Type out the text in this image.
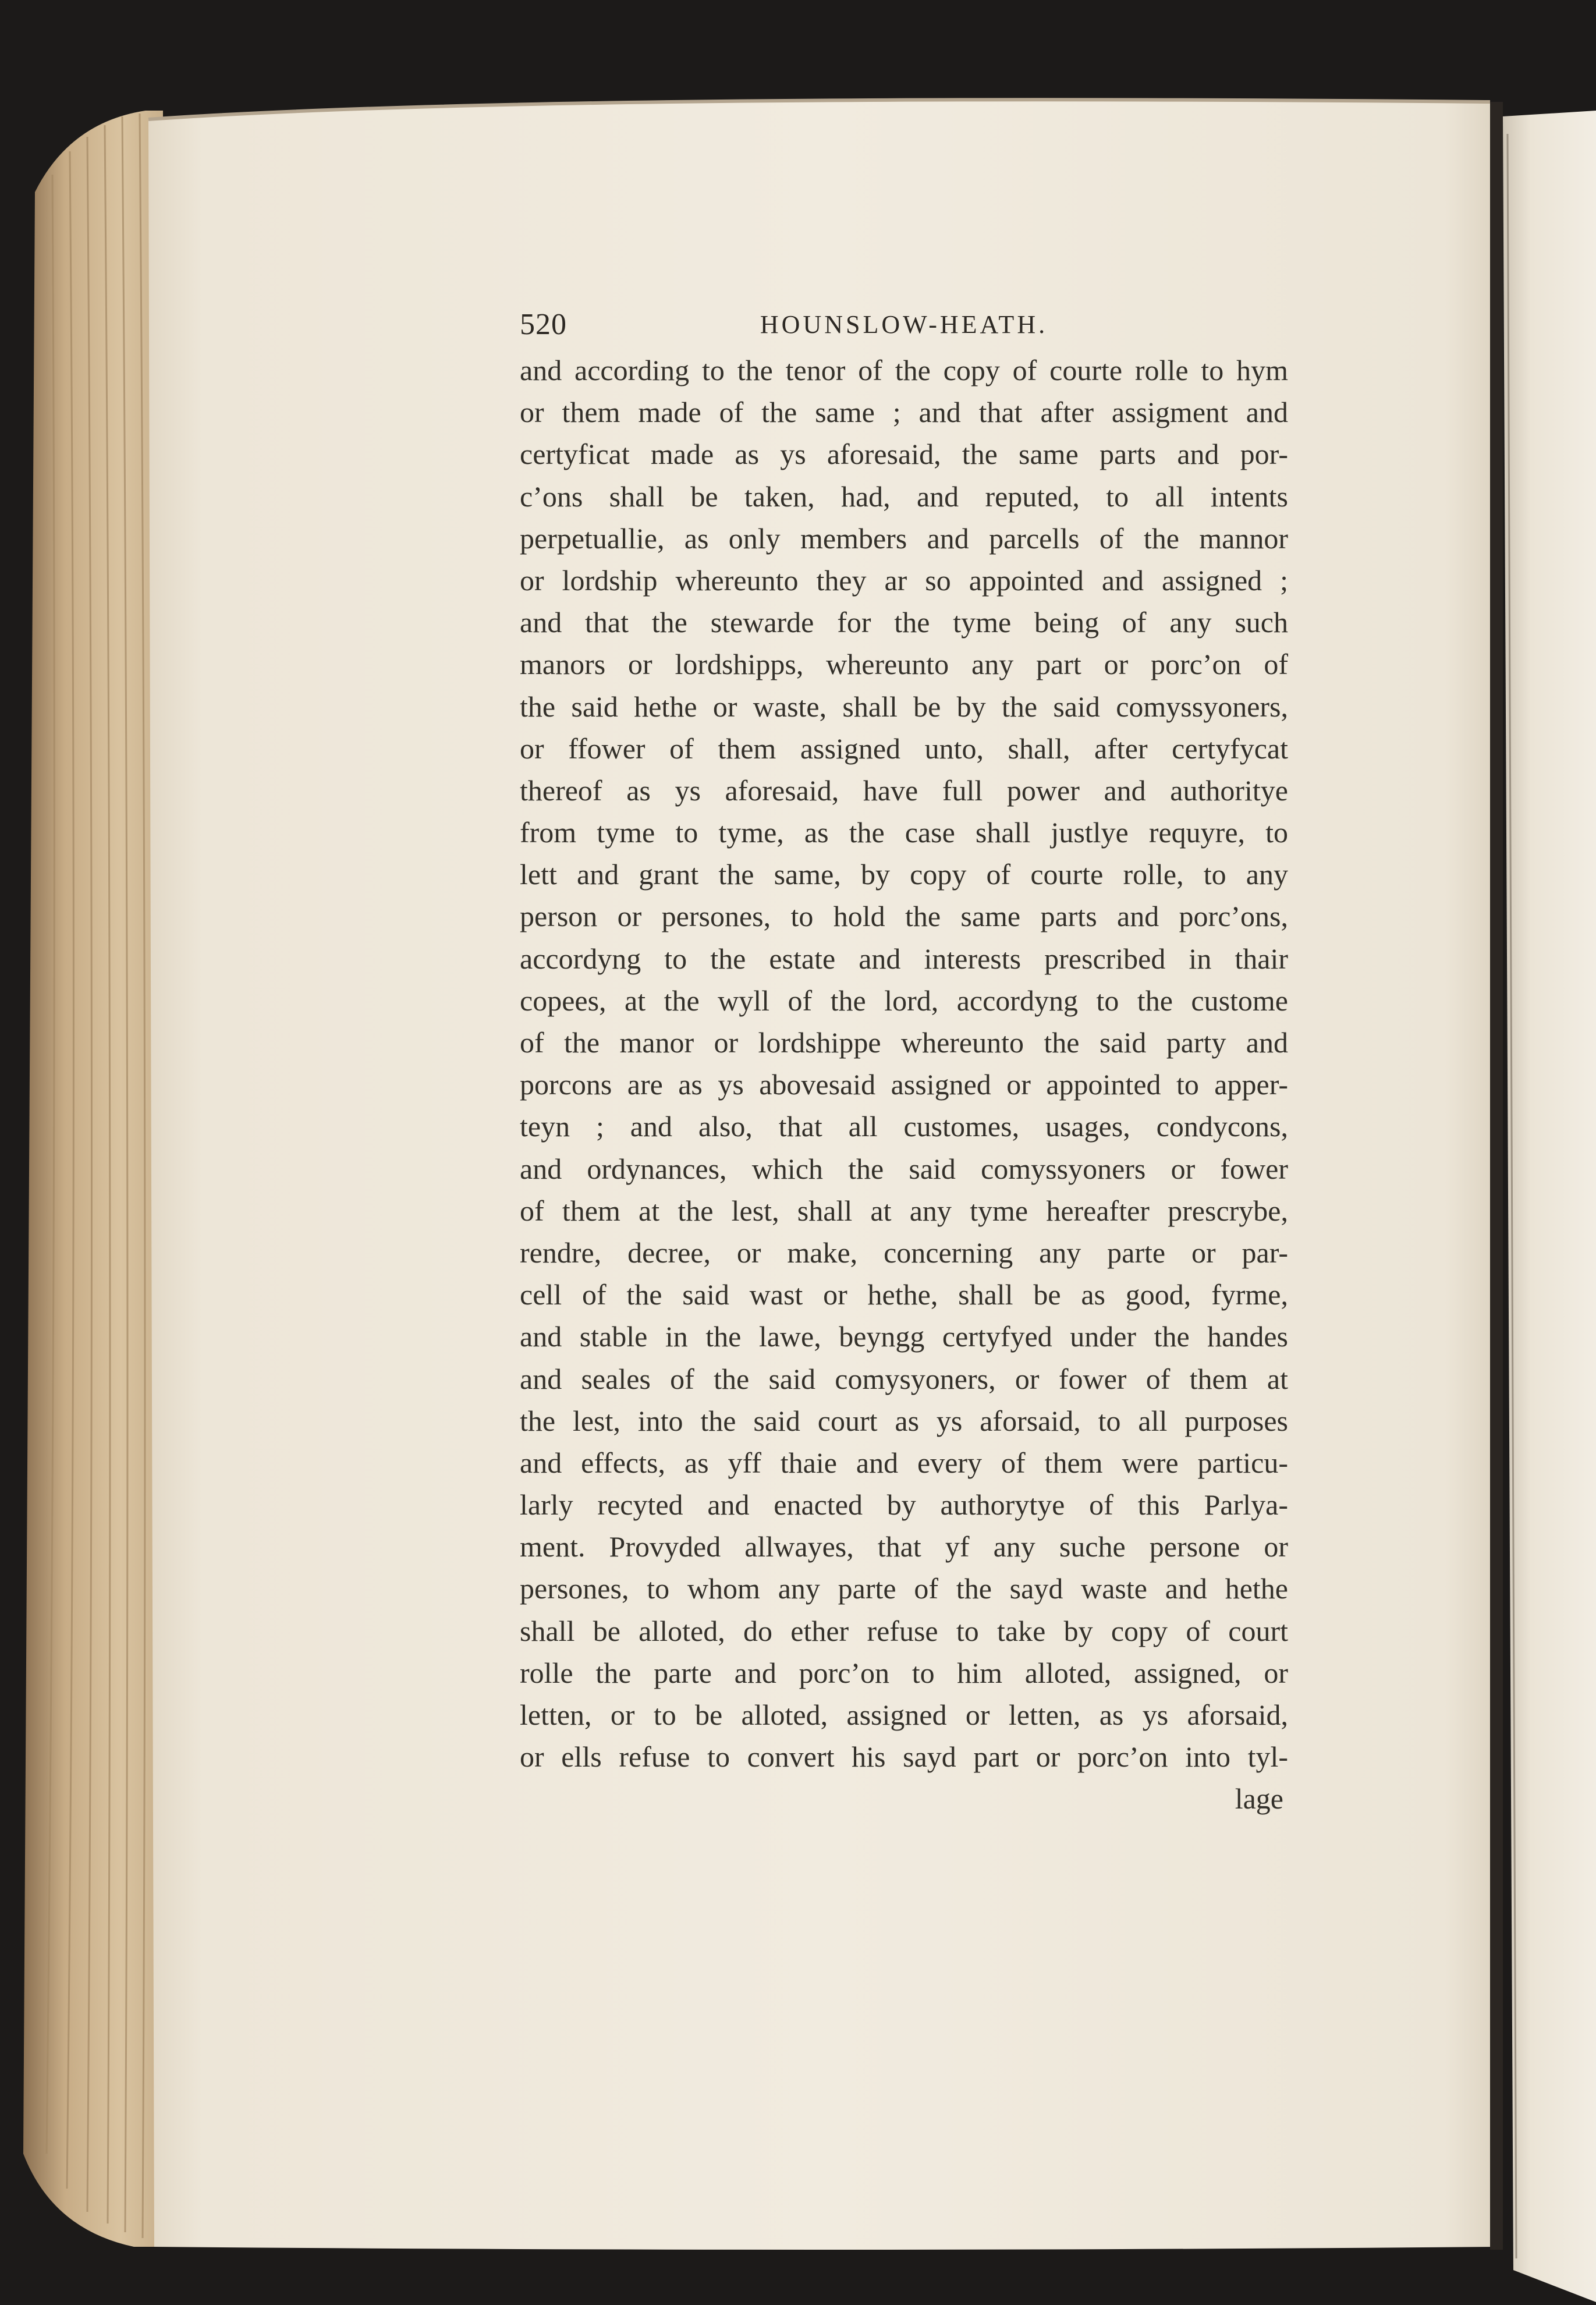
520	HOUNSLOW-HEATH.
and according to the tenor of the copy of courte rolle to hym
or them made of the same ; and that after assigment and
certyficat made as ys aforesaid, the same parts and por-
c’ons shall be taken, had, and reputed, to all intents
perpetuallie, as only members and parcells of the mannor
or lordship whereunto they ar so appointed and assigned ;
and that the stewarde for the tyme being of any such
manors or lordshipps, whereunto any part or porc’on of
the said hethe or waste, shall be by the said comyssyoners,
or ffower of them assigned unto, shall, after certyfycat
thereof as ys aforesaid, have full power and authoritye
from tyme to tyme, as the case shall justlye requyre, to
lett and grant the same, by copy of courte rolle, to any
person or persones, to hold the same parts and porc’ons,
accordyng to the estate and interests prescribed in thair
copees, at the wyll of the lord, accordyng to the custome
of the manor or lordshippe whereunto the said party and
porcons are as ys abovesaid assigned or appointed to apper-
teyn ; and also, that all customes, usages, condycons,
and ordynances, which the said comyssyoners or fower
of them at the lest, shall at any tyme hereafter prescrybe,
rendre, decree, or make, concerning any parte or par-
cell of the said wast or hethe, shall be as good, fyrme,
and stable in the lawe, beyngg certyfyed under the handes
and seales of the said comysyoners, or fower of them at
the lest, into the said court as ys aforsaid, to all purposes
and effects, as yff thaie and every of them were particu-
larly recyted and enacted by authorytye of this Parlya-
ment. Provyded allwayes, that yf any suche persone or
persones, to whom any parte of the sayd waste and hethe
shall be alloted, do ether refuse to take by copy of court
rolle the parte and porc’on to him alloted, assigned, or
letten, or to be alloted, assigned or letten, as ys aforsaid,
or ells refuse to convert his sayd part or porc’on into tyl-
lage
